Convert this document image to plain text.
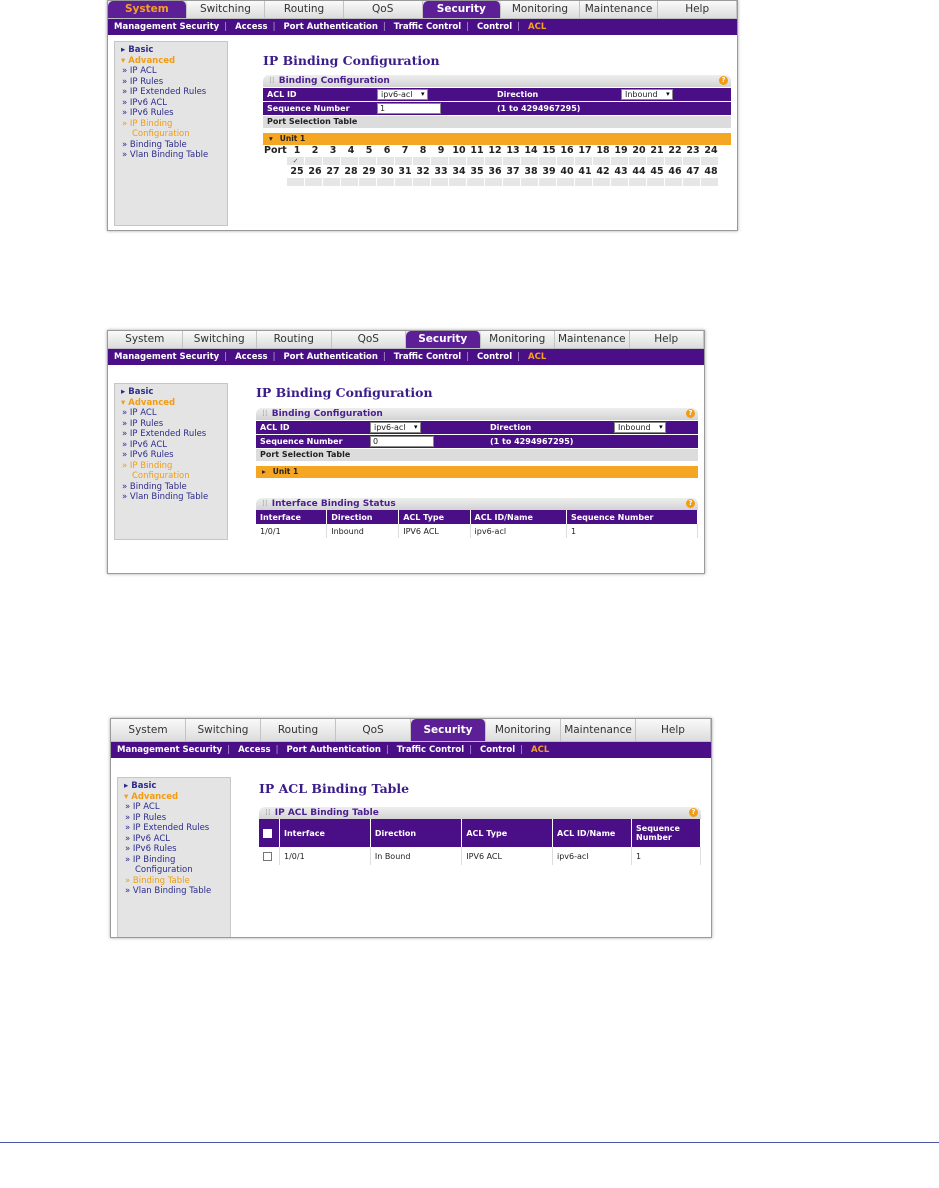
System	Switching	Routing	QoS	Security	Monitoring	Maintenance	Help
Management Security | Access | Port Authentication | Traffic Control | Control | ACL
▸ Basic
▾ Advanced
» IP ACL
» IP Rules
» IP Extended Rules
» IPv6 ACL
» IPv6 Rules
» IP Binding
Configuration
» Binding Table
» Vlan Binding Table
IP Binding Configuration
⁞⁞ Binding Configuration	?
ACL ID	ipv6-acl ▾	Direction	Inbound ▾
Sequence Number	1	(1 to 4294967295)
Port Selection Table
▾ Unit 1
Port 1	2	3	4	5	6	7	8	9 10 11 12 13 14 15 16 17 18 19 20 21 22 23 24
✓
25 26 27 28 29 30 31 32 33 34 35 36 37 38 39 40 41 42 43 44 45 46 47 48
System	Switching	Routing	QoS	Security	Monitoring	Maintenance	Help
Management Security | Access | Port Authentication | Traffic Control | Control | ACL
▸ Basic
▾ Advanced
» IP ACL
» IP Rules
» IP Extended Rules
» IPv6 ACL
» IPv6 Rules
» IP Binding
Configuration
» Binding Table
» Vlan Binding Table
IP Binding Configuration
⁞⁞ Binding Configuration	?
ACL ID	ipv6-acl ▾	Direction	Inbound ▾
Sequence Number	0	(1 to 4294967295)
Port Selection Table
▸ Unit 1
⁞⁞ Interface Binding Status	?
Interface	Direction	ACL Type	ACL ID/Name	Sequence Number
1/0/1	Inbound	IPV6 ACL	ipv6-acl	1
System	Switching	Routing	QoS	Security	Monitoring	Maintenance	Help
Management Security | Access | Port Authentication | Traffic Control | Control | ACL
▸ Basic
▾ Advanced
» IP ACL
» IP Rules
» IP Extended Rules
» IPv6 ACL
» IPv6 Rules
» IP Binding
Configuration
» Binding Table
» Vlan Binding Table
IP ACL Binding Table
⁞⁞ IP ACL Binding Table	?
	Interface	Direction	ACL Type	ACL ID/Name	Sequence Number
	1/0/1	In Bound	IPV6 ACL	ipv6-acl	1
